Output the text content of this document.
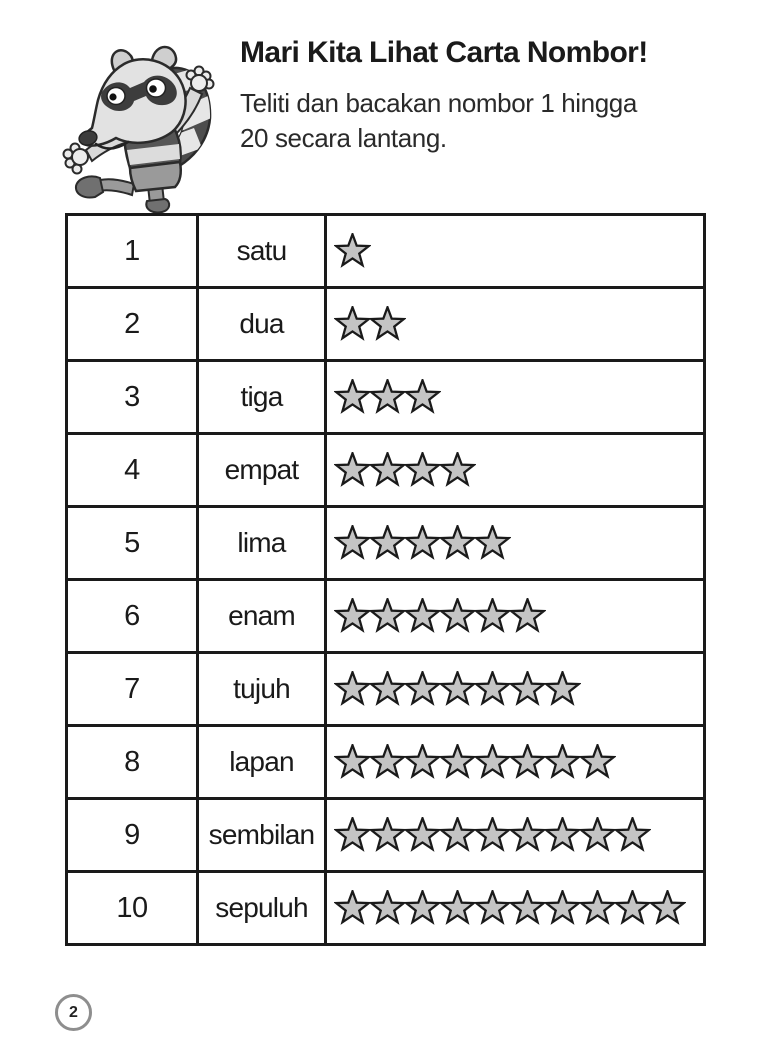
Mari Kita Lihat Carta Nombor!

Teliti dan bacakan nombor 1 hingga
20 secara lantang.

1	satu	

2	dua	

3	tiga	

4	empat	

5	lima	

6	enam	

7	tujuh	

8	lapan	

9	sembilan	

10	sepuluh	
2
